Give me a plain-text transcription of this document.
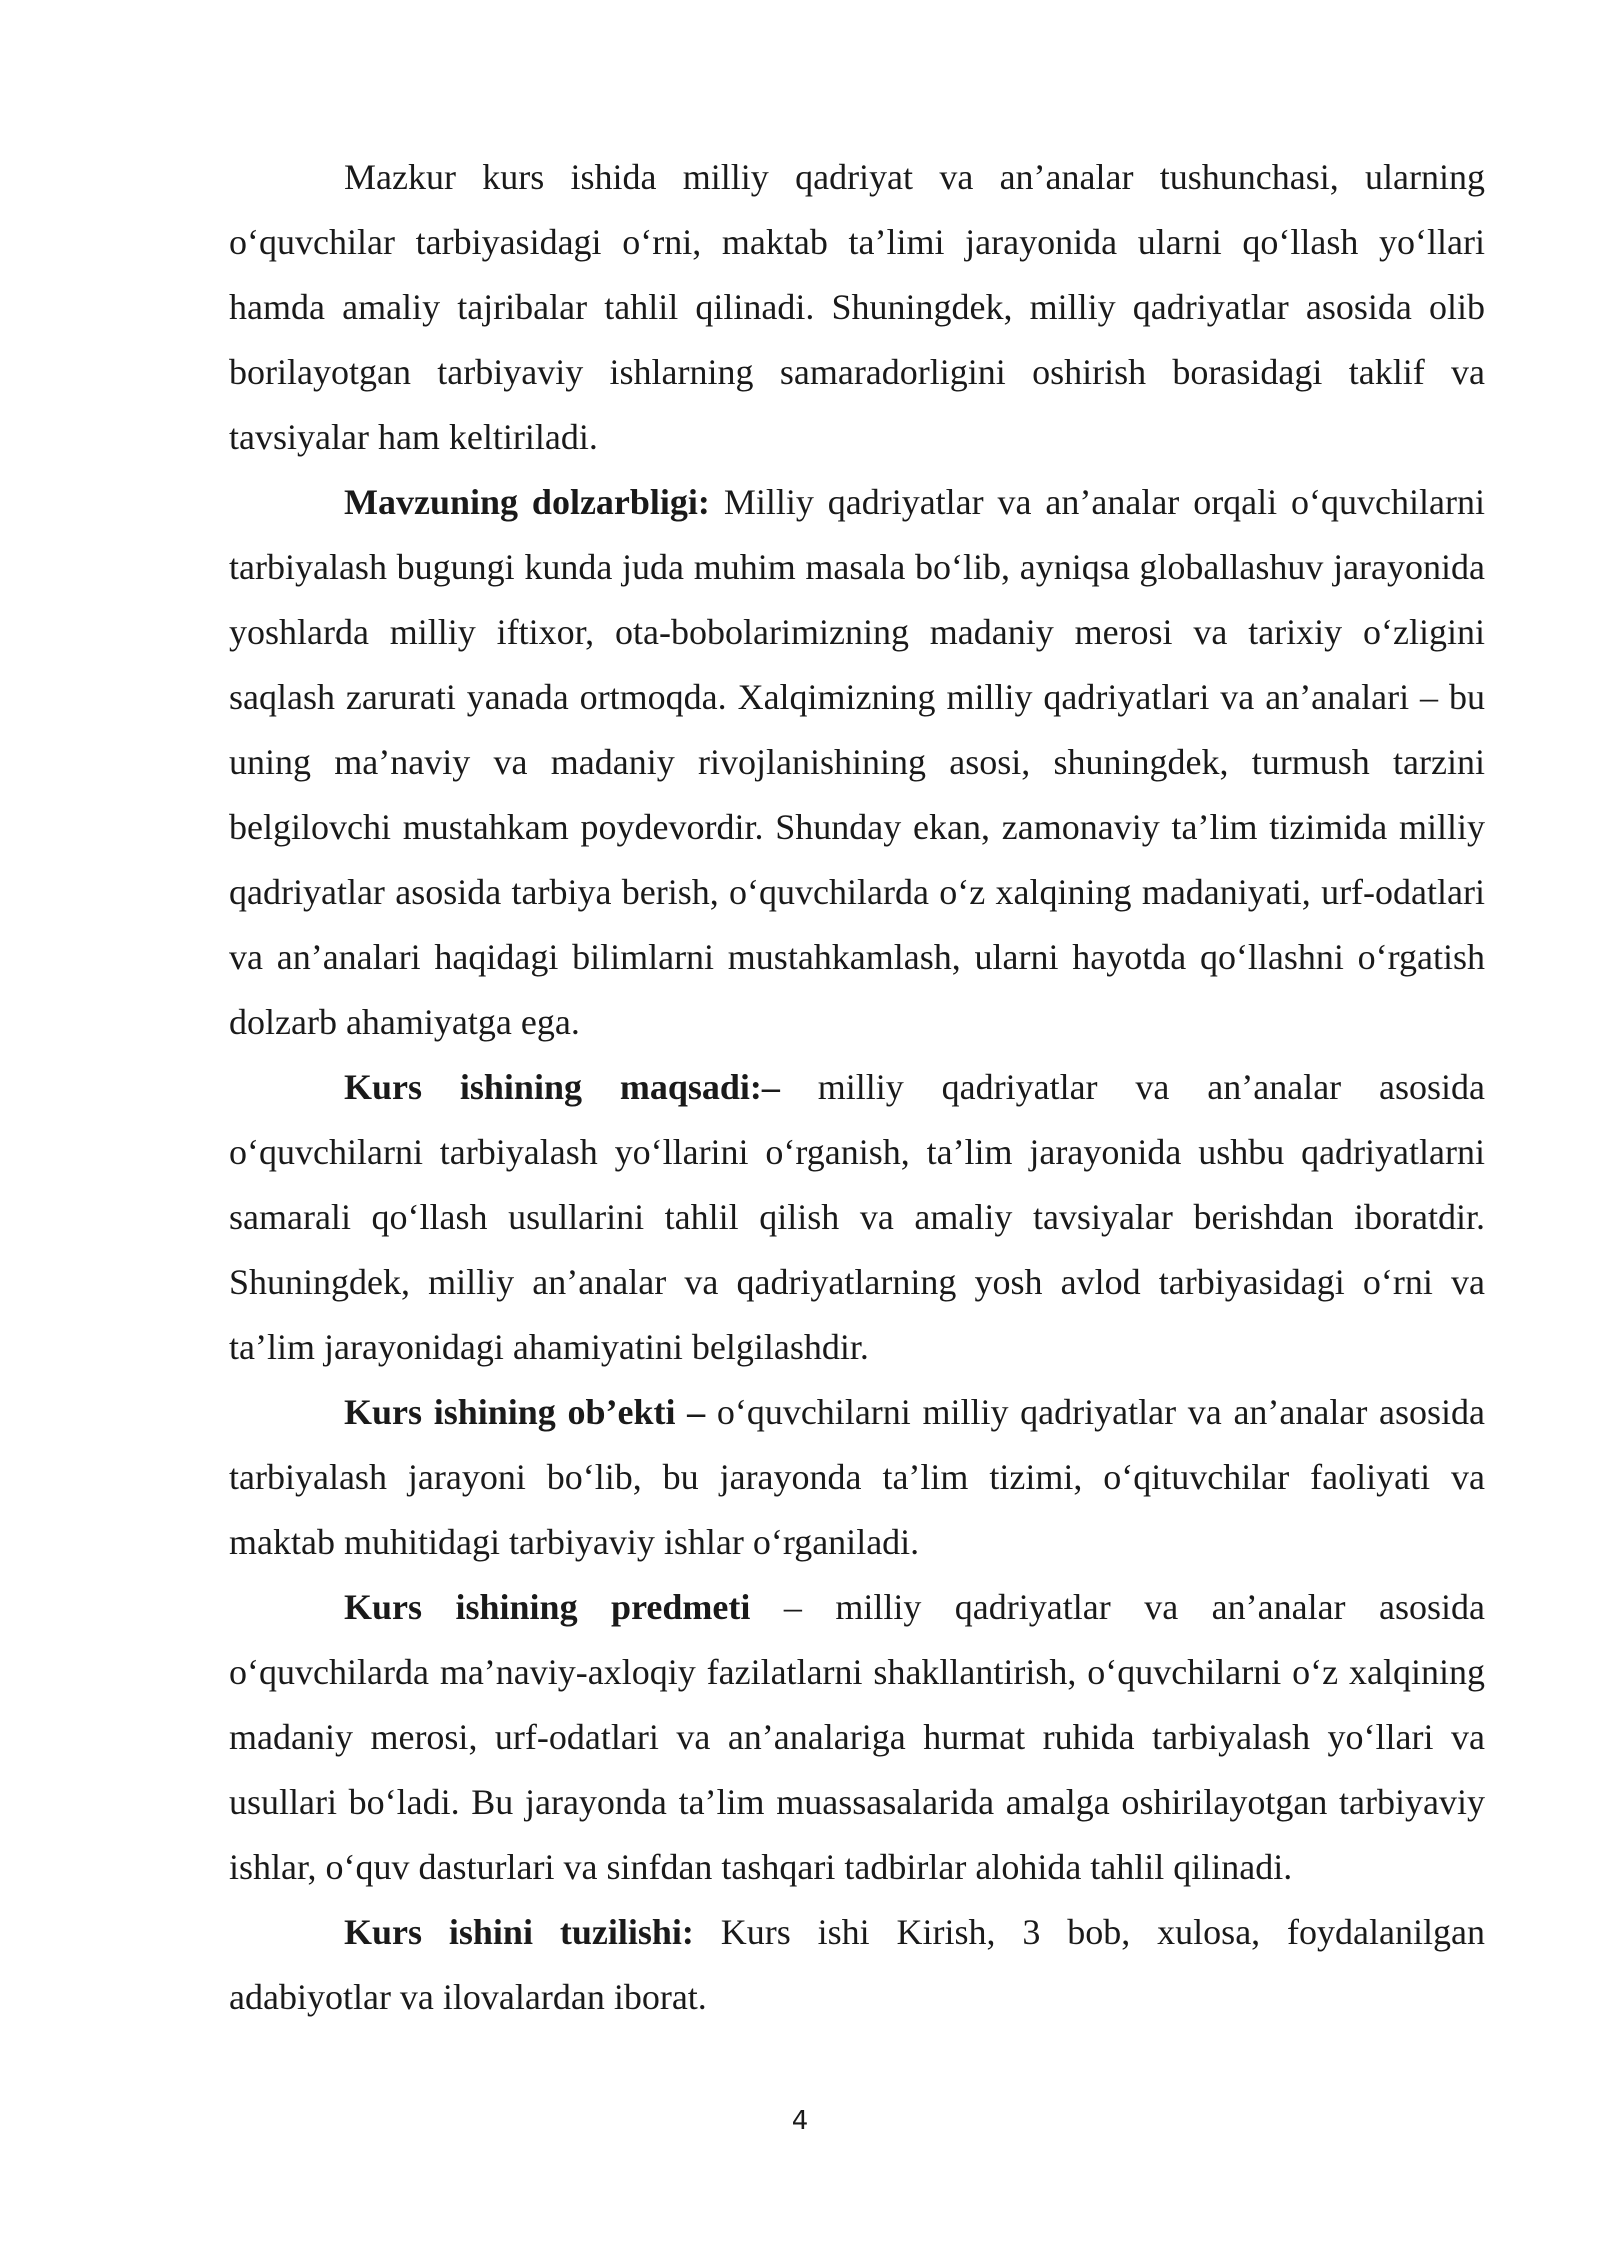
Mazkur kurs ishida milliy qadriyat va an’analar tushunchasi, ularning o‘quvchilar tarbiyasidagi o‘rni, maktab ta’limi jarayonida ularni qo‘llash yo‘llari hamda amaliy tajribalar tahlil qilinadi. Shuningdek, milliy qadriyatlar asosida olib borilayotgan tarbiyaviy ishlarning samaradorligini oshirish borasidagi taklif va tavsiyalar ham keltiriladi.

Mavzuning dolzarbligi: Milliy qadriyatlar va an’analar orqali o‘quvchilarni tarbiyalash bugungi kunda juda muhim masala bo‘lib, ayniqsa globallashuv jarayonida yoshlarda milliy iftixor, ota-bobolarimizning madaniy merosi va tarixiy o‘zligini saqlash zarurati yanada ortmoqda. Xalqimizning milliy qadriyatlari va an’analari – bu uning ma’naviy va madaniy rivojlanishining asosi, shuningdek, turmush tarzini belgilovchi mustahkam poydevordir. Shunday ekan, zamonaviy ta’lim tizimida milliy qadriyatlar asosida tarbiya berish, o‘quvchilarda o‘z xalqining madaniyati, urf-odatlari va an’analari haqidagi bilimlarni mustahkamlash, ularni hayotda qo‘llashni o‘rgatish dolzarb ahamiyatga ega.

Kurs ishining maqsadi:– milliy qadriyatlar va an’analar asosida o‘quvchilarni tarbiyalash yo‘llarini o‘rganish, ta’lim jarayonida ushbu qadriyatlarni samarali qo‘llash usullarini tahlil qilish va amaliy tavsiyalar berishdan iboratdir. Shuningdek, milliy an’analar va qadriyatlarning yosh avlod tarbiyasidagi o‘rni va ta’lim jarayonidagi ahamiyatini belgilashdir.

Kurs ishining ob’ekti – o‘quvchilarni milliy qadriyatlar va an’analar asosida tarbiyalash jarayoni bo‘lib, bu jarayonda ta’lim tizimi, o‘qituvchilar faoliyati va maktab muhitidagi tarbiyaviy ishlar o‘rganiladi.

Kurs ishining predmeti – milliy qadriyatlar va an’analar asosida o‘quvchilarda ma’naviy-axloqiy fazilatlarni shakllantirish, o‘quvchilarni o‘z xalqining madaniy merosi, urf-odatlari va an’analariga hurmat ruhida tarbiyalash yo‘llari va usullari bo‘ladi. Bu jarayonda ta’lim muassasalarida amalga oshirilayotgan tarbiyaviy ishlar, o‘quv dasturlari va sinfdan tashqari tadbirlar alohida tahlil qilinadi.

Kurs ishini tuzilishi: Kurs ishi Kirish, 3 bob, xulosa, foydalanilgan adabiyotlar va ilovalardan iborat.

4
